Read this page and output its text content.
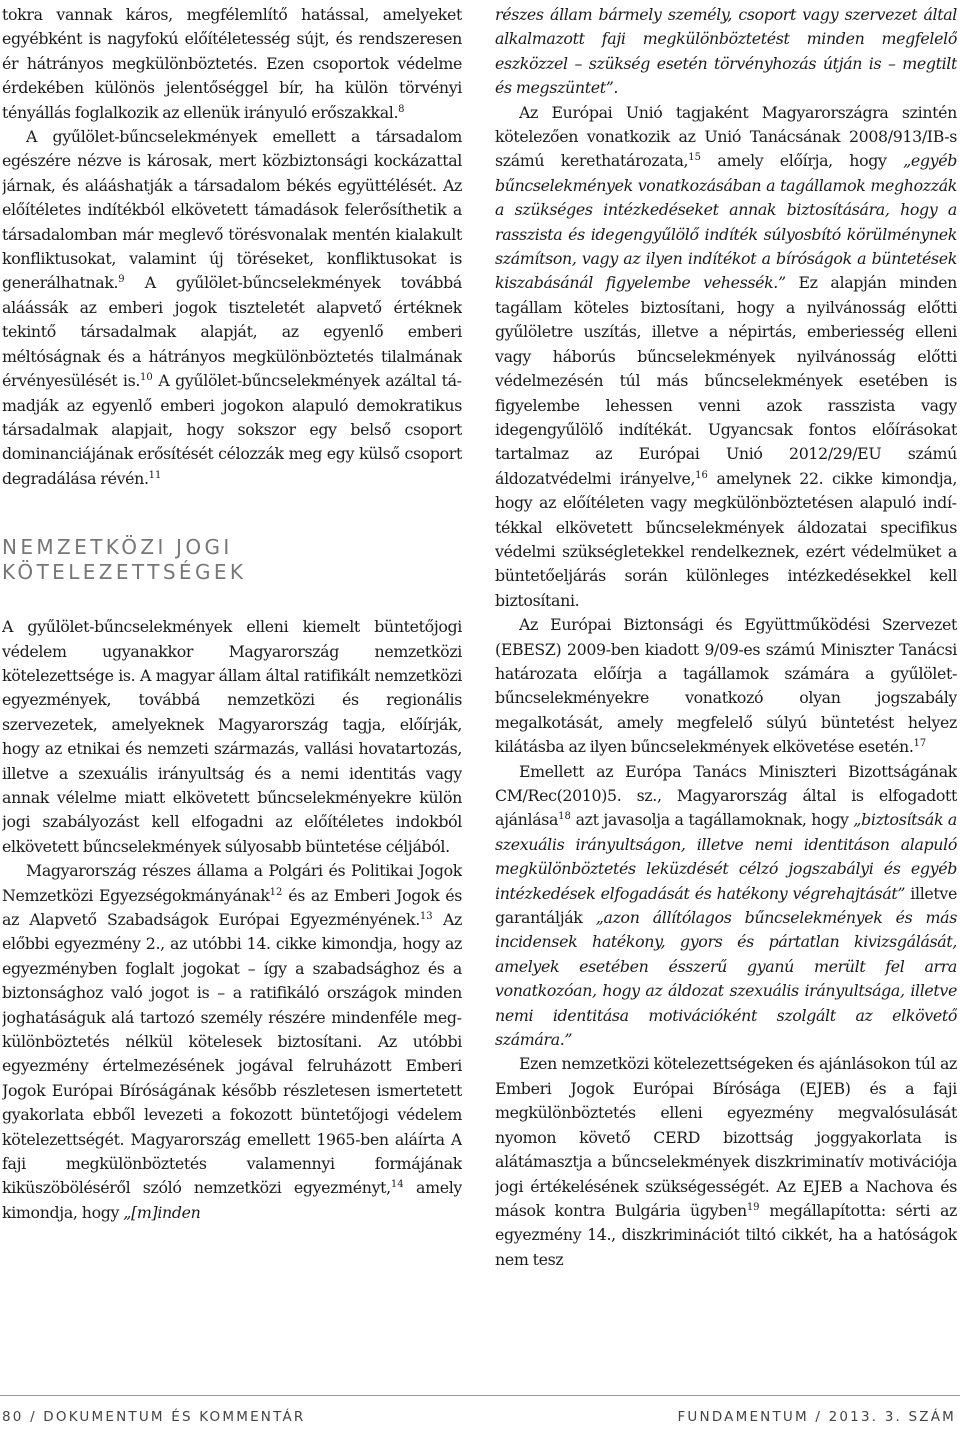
tokra vannak káros, megfélemlítő hatással, amelyeket egyébként is nagyfokú előítéletesség sújt, és rendszeresen ér hátrányos megkülönböztetés. Ezen csoportok védelme érdekében különös jelentőséggel bír, ha külön törvényi tényállás foglalkozik az ellenük irányuló erőszakkal.$^8$

A gyűlölet-bűncselekmények emellett a társadalom egészére nézve is károsak, mert közbiztonsági kockázattal járnak, és alááshatják a társadalom békés együttélését. Az előítéletes indítékból elkövetett támadások felerősíthetik a társadalomban már meglevő törésvonalak mentén kialakult konfliktusokat, valamint új töréseket, konfliktusokat is generálhatnak.$^9$ A gyűlölet-bűncselekmények továbbá aláássák az emberi jogok tiszteletét alapvető értéknek tekintő társadalmak alapját, az egyenlő emberi méltóságnak és a hátrányos megkülönböztetés tilalmának érvényesülését is.$^{10}$ A gyűlölet-bűncselekmények azáltal támadják az egyenlő emberi jogokon alapuló demokratikus társadalmak alapjait, hogy sokszor egy belső csoport dominanciájának erősítését célozzák meg egy külső csoport degradálása révén.$^{11}$

NEMZETKÖZI JOGI
KÖTELEZETTSÉGEK

A gyűlölet-bűncselekmények elleni kiemelt büntetőjogi védelem ugyanakkor Magyarország nemzetközi kötelezettsége is. A magyar állam által ratifikált nemzetközi egyezmények, továbbá nemzetközi és regionális szervezetek, amelyeknek Magyarország tagja, előírják, hogy az etnikai és nemzeti származás, vallási hovatartozás, illetve a szexuális irányultság és a nemi identitás vagy annak vélelme miatt elkövetett bűncselekményekre külön jogi szabályozást kell elfogadni az előítéletes indokból elkövetett bűncselekmények súlyosabb büntetése céljából.

Magyarország részes állama a Polgári és Politikai Jogok Nemzetközi Egyezségokmányának$^{12}$ és az Emberi Jogok és az Alapvető Szabadságok Európai Egyezményének.$^{13}$ Az előbbi egyezmény 2., az utóbbi 14. cikke kimondja, hogy az egyezményben foglalt jogokat – így a szabadsághoz és a biztonsághoz való jogot is – a ratifikáló országok minden joghatáságuk alá tartozó személy részére mindenféle megkülönböztetés nélkül kötelesek biztosítani. Az utóbbi egyezmény értelmezésének jogával felruházott Emberi Jogok Európai Bíróságának később részletesen ismertetett gyakorlata ebből levezeti a fokozott büntetőjogi védelem kötelezettségét. Magyarország emellett 1965-ben aláírta A faji megkülönböztetés valamennyi formájának kiküszöböléséről szóló nemzetközi egyezményt,$^{14}$ amely kimondja, hogy „[m]inden

részes állam bármely személy, csoport vagy szervezet által alkalmazott faji megkülönböztetést minden megfelelő eszközzel – szükség esetén törvényhozás útján is – megtilt és megszüntet”.

Az Európai Unió tagjaként Magyarországra szintén kötelezően vonatkozik az Unió Tanácsának 2008/913/IB-s számú kerethatározata,$^{15}$ amely előírja, hogy „egyéb bűncselekmények vonatkozásában a tagállamok meghozzák a szükséges intézkedéseket annak biztosítására, hogy a rasszista és idegengyűlölő indíték súlyosbító körülménynek számítson, vagy az ilyen indítékot a bíróságok a büntetések kiszabásánál figyelembe vehessék.” Ez alapján minden tagállam köteles biztosítani, hogy a nyilvánosság előtti gyűlöletre uszítás, illetve a népirtás, emberiesség elleni vagy háborús bűncselekmények nyilvánosság előtti védelmezésén túl más bűncselekmények esetében is figyelembe lehessen venni azok rasszista vagy idegengyűlölő indítékát. Ugyancsak fontos előírásokat tartalmaz az Európai Unió 2012/29/EU számú áldozatvédelmi irányelve,$^{16}$ amelynek 22. cikke kimondja, hogy az előítéleten vagy megkülönböztetésen alapuló indítékkal elkövetett bűncselekmények áldozatai specifikus védelmi szükségletekkel rendelkeznek, ezért védelmüket a büntetőeljárás során különleges intézkedésekkel kell biztosítani.

Az Európai Biztonsági és Együttműködési Szervezet (EBESZ) 2009-ben kiadott 9/09-es számú Miniszter Tanácsi határozata előírja a tagállamok számára a gyűlölet-bűncselekményekre vonatkozó olyan jogszabály megalkotását, amely megfelelő súlyú büntetést helyez kilátásba az ilyen bűncselekmények elkövetése esetén.$^{17}$

Emellett az Európa Tanács Miniszteri Bizottságának CM/Rec(2010)5. sz., Magyarország által is elfogadott ajánlása$^{18}$ azt javasolja a tagállamoknak, hogy „biztosítsák a szexuális irányultságon, illetve nemi identitáson alapuló megkülönböztetés leküzdését célzó jogszabályi és egyéb intézkedések elfogadását és hatékony végrehajtását” illetve garantálják „azon állítólagos bűncselekmények és más incidensek hatékony, gyors és pártatlan kivizsgálását, amelyek esetében ésszerű gyanú merült fel arra vonatkozóan, hogy az áldozat szexuális irányultsága, illetve nemi identitása motivációként szolgált az elkövető számára.”

Ezen nemzetközi kötelezettségeken és ajánlásokon túl az Emberi Jogok Európai Bírósága (EJEB) és a faji megkülönböztetés elleni egyezmény megvalósulását nyomon követő CERD bizottság joggyakorlata is alátámasztja a bűncselekmények diszkriminatív motivációja jogi értékelésének szükségességét. Az EJEB a Nachova és mások kontra Bulgária ügyben$^{19}$ megállapította: sérti az egyezmény 14., diszkriminációt tiltó cikkét, ha a hatóságok nem tesz

80 / DOKUMENTUM ÉS KOMMENTÁR	FUNDAMENTUM / 2013. 3. SZÁM
